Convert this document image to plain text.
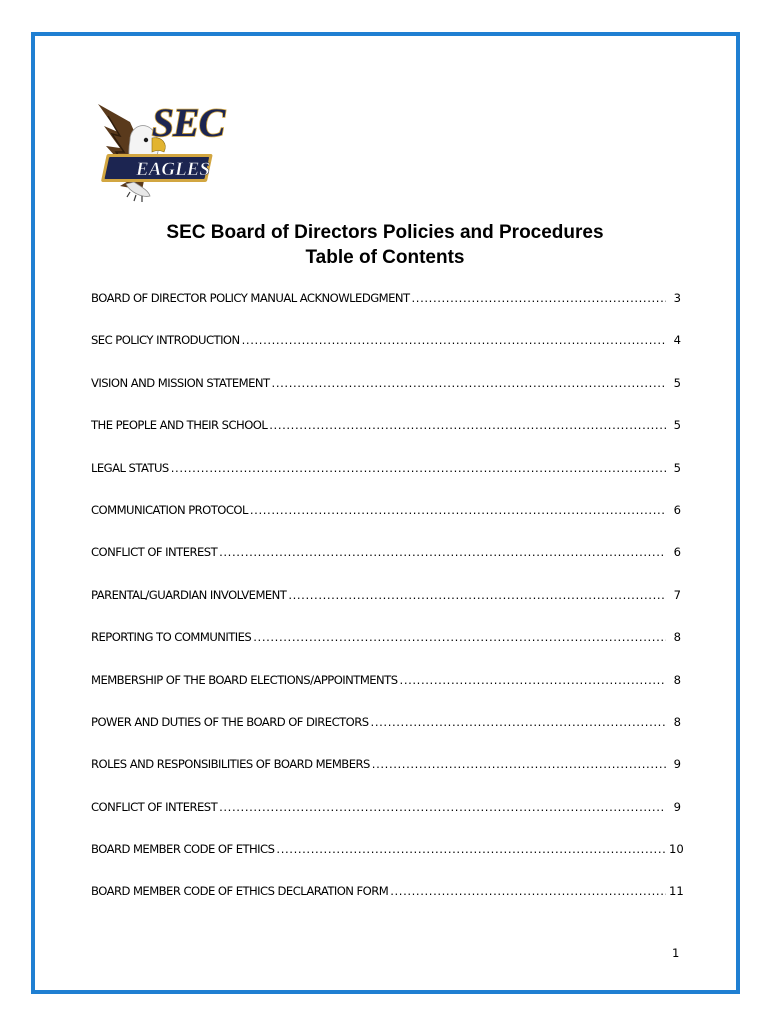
SEC
EAGLES
SEC Board of Directors Policies and Procedures
Table of Contents
BOARD OF DIRECTOR POLICY MANUAL ACKNOWLEDGMENT .....	3
SEC POLICY INTRODUCTION .....	4
VISION AND MISSION STATEMENT .....	5
THE PEOPLE AND THEIR SCHOOL .....	5
LEGAL STATUS .....	5
COMMUNICATION PROTOCOL .....	6
CONFLICT OF INTEREST .....	6
PARENTAL/GUARDIAN INVOLVEMENT .....	7
REPORTING TO COMMUNITIES .....	8
MEMBERSHIP OF THE BOARD ELECTIONS/APPOINTMENTS .....	8
POWER AND DUTIES OF THE BOARD OF DIRECTORS .....	8
ROLES AND RESPONSIBILITIES OF BOARD MEMBERS .....	9
CONFLICT OF INTEREST .....	9
BOARD MEMBER CODE OF ETHICS .....	10
BOARD MEMBER CODE OF ETHICS DECLARATION FORM .....	11
1
